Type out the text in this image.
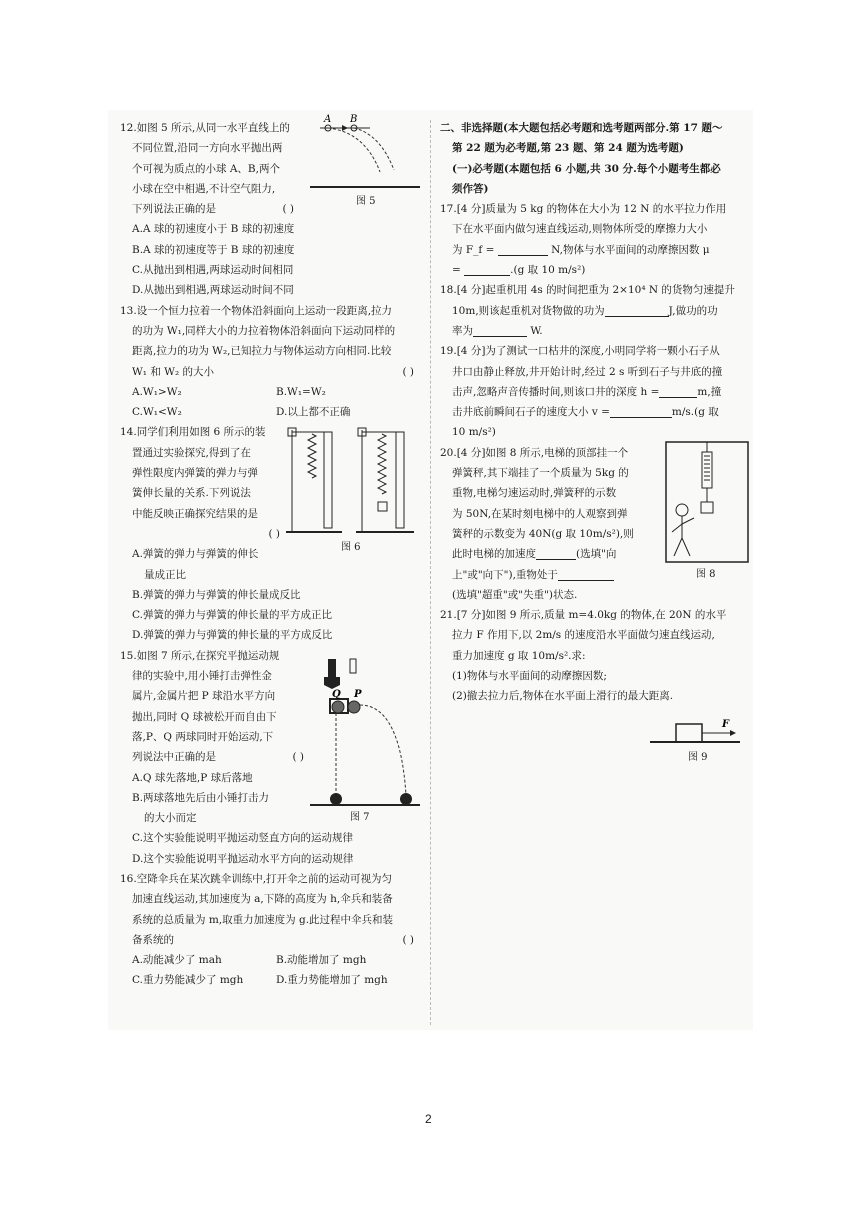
12.如图 5 所示,从同一水平直线上的
不同位置,沿同一方向水平抛出两
个可视为质点的小球 A、B,两个
小球在空中相遇,不计空气阻力,
下列说法正确的是	( )
A.A 球的初速度小于 B 球的初速度
B.A 球的初速度等于 B 球的初速度
C.从抛出到相遇,两球运动时间相同
D.从抛出到相遇,两球运动时间不同
13.设一个恒力拉着一个物体沿斜面向上运动一段距离,拉力
的功为 W₁,同样大小的力拉着物体沿斜面向下运动同样的
距离,拉力的功为 W₂,已知拉力与物体运动方向相同.比较
W₁ 和 W₂ 的大小	( )
A.W₁>W₂	B.W₁=W₂
C.W₁<W₂	D.以上都不正确
14.同学们利用如图 6 所示的装
置通过实验探究,得到了在
弹性限度内弹簧的弹力与弹
簧伸长量的关系.下列说法
中能反映正确探究结果的是
( )
A.弹簧的弹力与弹簧的伸长
量成正比
B.弹簧的弹力与弹簧的伸长量成反比
C.弹簧的弹力与弹簧的伸长量的平方成正比
D.弹簧的弹力与弹簧的伸长量的平方成反比
15.如图 7 所示,在探究平抛运动规
律的实验中,用小锤打击弹性金
属片,金属片把 P 球沿水平方向
抛出,同时 Q 球被松开而自由下
落,P、Q 两球同时开始运动,下
列说法中正确的是	( )
A.Q 球先落地,P 球后落地
B.两球落地先后由小锤打击力
的大小而定
C.这个实验能说明平抛运动竖直方向的运动规律
D.这个实验能说明平抛运动水平方向的运动规律
16.空降伞兵在某次跳伞训练中,打开伞之前的运动可视为匀
加速直线运动,其加速度为 a,下降的高度为 h,伞兵和装备
系统的总质量为 m,取重力加速度为 g.此过程中伞兵和装
备系统的	( )
A.动能减少了 mah	B.动能增加了 mgh
C.重力势能减少了 mgh	D.重力势能增加了 mgh
二、非选择题(本大题包括必考题和选考题两部分.第 17 题～
第 22 题为必考题,第 23 题、第 24 题为选考题)
(一)必考题(本题包括 6 小题,共 30 分.每个小题考生都必
须作答)
17.[4 分]质量为 5 kg 的物体在大小为 12 N 的水平拉力作用
下在水平面内做匀速直线运动,则物体所受的摩擦力大小
为 F_f =	N,物体与水平面间的动摩擦因数 μ
=	.(g 取 10 m/s²)
18.[4 分]起重机用 4s 的时间把重为 2×10⁴ N 的货物匀速提升
10m,则该起重机对货物做的功为	J,做功的功
率为	W.
19.[4 分]为了测试一口枯井的深度,小明同学将一颗小石子从
井口由静止释放,井开始计时,经过 2 s 听到石子与井底的撞
击声,忽略声音传播时间,则该口井的深度 h =	m,撞
击井底前瞬间石子的速度大小 v =	m/s.(g 取
10 m/s²)
20.[4 分]如图 8 所示,电梯的顶部挂一个
弹簧秤,其下端挂了一个质量为 5kg 的
重物,电梯匀速运动时,弹簧秤的示数
为 50N,在某时刻电梯中的人观察到弹
簧秤的示数变为 40N(g 取 10m/s²),则
此时电梯的加速度	(选填"向
上"或"向下"),重物处于
(选填"超重"或"失重")状态.
21.[7 分]如图 9 所示,质量 m=4.0kg 的物体,在 20N 的水平
拉力 F 作用下,以 2m/s 的速度沿水平面做匀速直线运动,
重力加速度 g 取 10m/s².求:
(1)物体与水平面间的动摩擦因数;
(2)撤去拉力后,物体在水平面上滑行的最大距离.
A B
图 5
图 6
Q P
图 7
图 8
F
图 9
2
